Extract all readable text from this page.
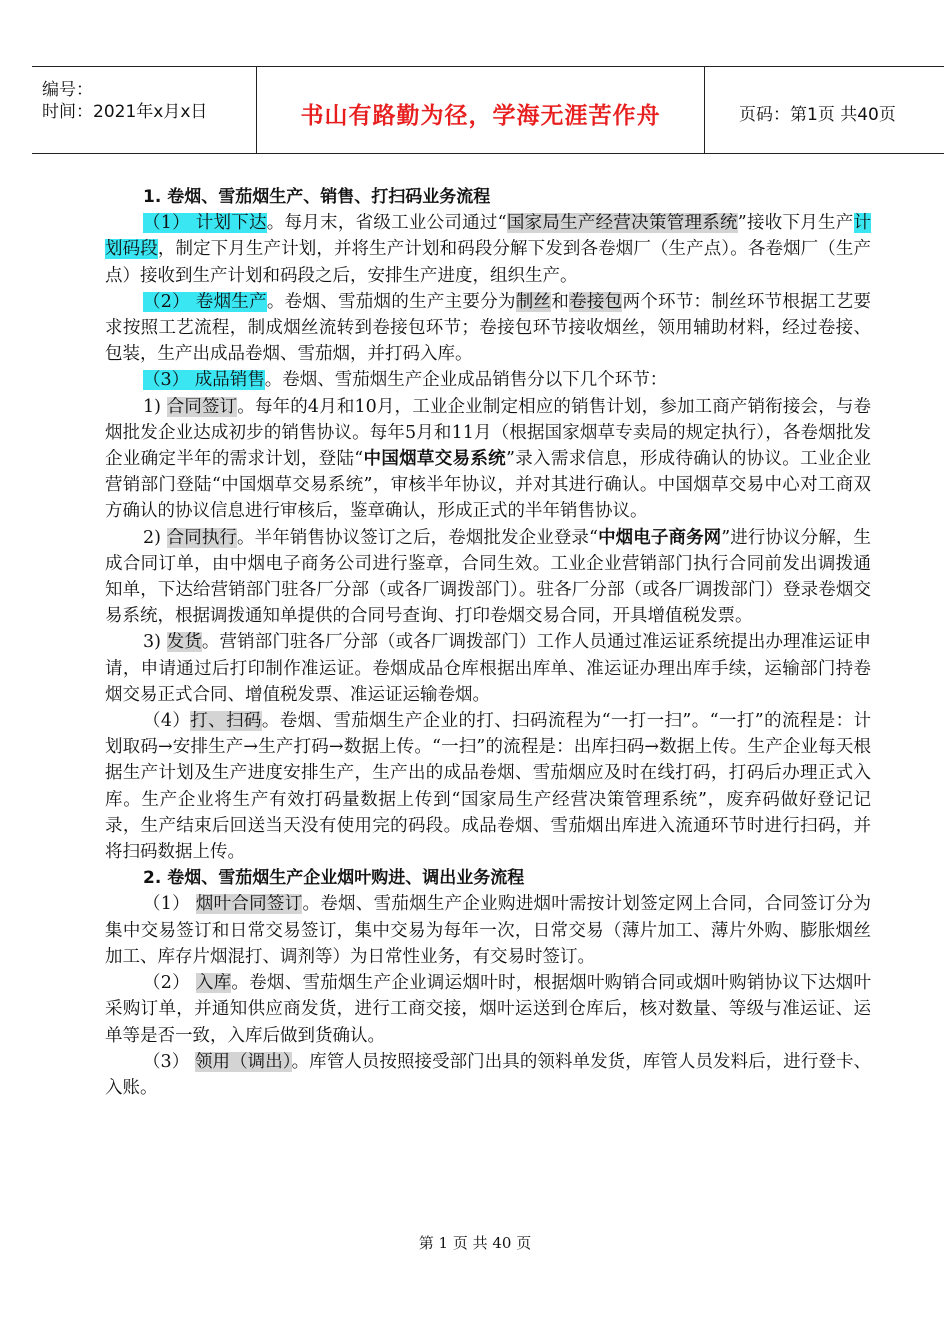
编号：
时间：2021年x月x日	书山有路勤为径，学海无涯苦作舟	页码：第1页 共40页

1. 卷烟、雪茄烟生产、销售、打扫码业务流程

（1） 计划下达。每月末，省级工业公司通过“国家局生产经营决策管理系统”接收下月生产计划码段，制定下月生产计划，并将生产计划和码段分解下发到各卷烟厂（生产点）。各卷烟厂（生产点）接收到生产计划和码段之后，安排生产进度，组织生产。

（2） 卷烟生产。卷烟、雪茄烟的生产主要分为制丝和卷接包两个环节：制丝环节根据工艺要求按照工艺流程，制成烟丝流转到卷接包环节；卷接包环节接收烟丝，领用辅助材料，经过卷接、包装，生产出成品卷烟、雪茄烟，并打码入库。

（3） 成品销售。卷烟、雪茄烟生产企业成品销售分以下几个环节：

1) 合同签订。每年的4月和10月，工业企业制定相应的销售计划，参加工商产销衔接会，与卷烟批发企业达成初步的销售协议。每年5月和11月（根据国家烟草专卖局的规定执行），各卷烟批发企业确定半年的需求计划，登陆“中国烟草交易系统”录入需求信息，形成待确认的协议。工业企业营销部门登陆“中国烟草交易系统”，审核半年协议，并对其进行确认。中国烟草交易中心对工商双方确认的协议信息进行审核后，鉴章确认，形成正式的半年销售协议。

2) 合同执行。半年销售协议签订之后，卷烟批发企业登录“中烟电子商务网”进行协议分解，生成合同订单，由中烟电子商务公司进行鉴章，合同生效。工业企业营销部门执行合同前发出调拨通知单，下达给营销部门驻各厂分部（或各厂调拨部门）。驻各厂分部（或各厂调拨部门）登录卷烟交易系统，根据调拨通知单提供的合同号查询、打印卷烟交易合同，开具增值税发票。

3) 发货。营销部门驻各厂分部（或各厂调拨部门）工作人员通过准运证系统提出办理准运证申请，申请通过后打印制作准运证。卷烟成品仓库根据出库单、准运证办理出库手续，运输部门持卷烟交易正式合同、增值税发票、准运证运输卷烟。

（4）打、扫码。卷烟、雪茄烟生产企业的打、扫码流程为“一打一扫”。“一打”的流程是：计划取码→安排生产→生产打码→数据上传。“一扫”的流程是：出库扫码→数据上传。生产企业每天根据生产计划及生产进度安排生产，生产出的成品卷烟、雪茄烟应及时在线打码，打码后办理正式入库。生产企业将生产有效打码量数据上传到“国家局生产经营决策管理系统”，废弃码做好登记记录，生产结束后回送当天没有使用完的码段。成品卷烟、雪茄烟出库进入流通环节时进行扫码，并将扫码数据上传。

2. 卷烟、雪茄烟生产企业烟叶购进、调出业务流程

（1） 烟叶合同签订。卷烟、雪茄烟生产企业购进烟叶需按计划签定网上合同，合同签订分为集中交易签订和日常交易签订，集中交易为每年一次，日常交易（薄片加工、薄片外购、膨胀烟丝加工、库存片烟混打、调剂等）为日常性业务，有交易时签订。

（2） 入库。卷烟、雪茄烟生产企业调运烟叶时，根据烟叶购销合同或烟叶购销协议下达烟叶采购订单，并通知供应商发货，进行工商交接，烟叶运送到仓库后，核对数量、等级与准运证、运单等是否一致，入库后做到货确认。

（3） 领用（调出）。库管人员按照接受部门出具的领料单发货，库管人员发料后，进行登卡、入账。

第 1 页 共 40 页
